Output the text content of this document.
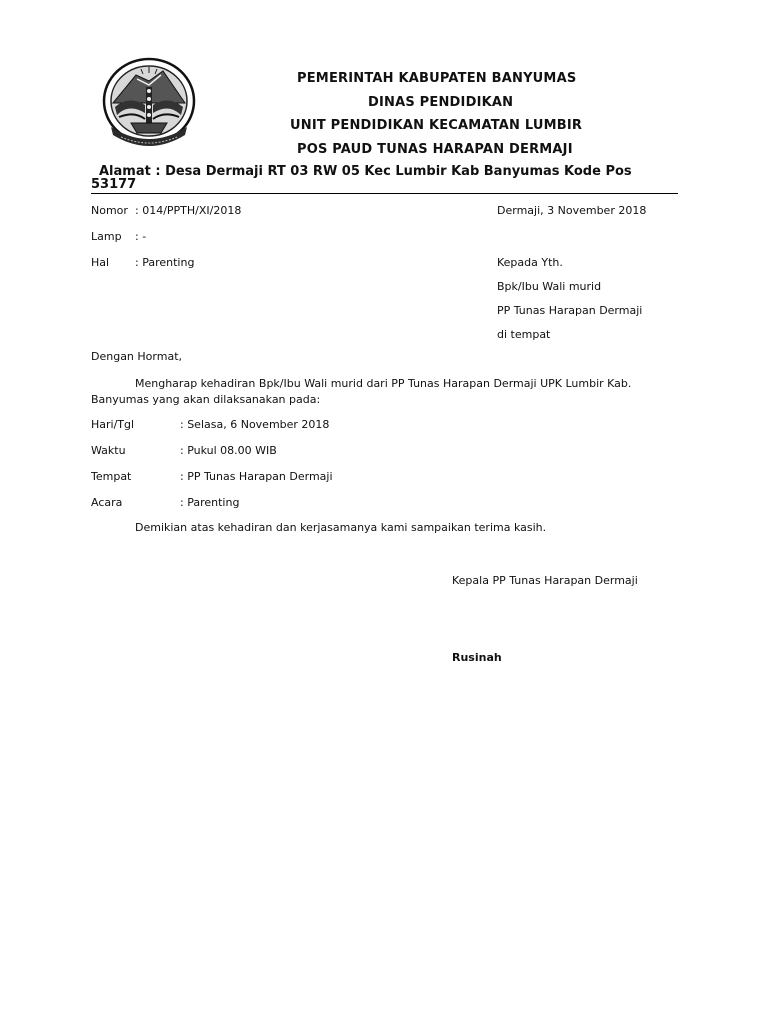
PEMERINTAH KABUPATEN BANYUMAS
DINAS PENDIDIKAN
UNIT PENDIDIKAN KECAMATAN LUMBIR
POS PAUD TUNAS HARAPAN DERMAJI
Alamat : Desa Dermaji RT 03 RW 05 Kec Lumbir Kab Banyumas Kode Pos
53177
Nomor : 014/PPTH/XI/2018	Dermaji, 3 November 2018
Lamp : -
Hal : Parenting	Kepada Yth.
Bpk/Ibu Wali murid
PP Tunas Harapan Dermaji
di tempat
Dengan Hormat,
Mengharap kehadiran Bpk/Ibu Wali murid dari PP Tunas Harapan Dermaji UPK Lumbir Kab.
Banyumas yang akan dilaksanakan pada:
Hari/Tgl	: Selasa, 6 November 2018
Waktu	: Pukul 08.00 WIB
Tempat	: PP Tunas Harapan Dermaji
Acara	: Parenting
Demikian atas kehadiran dan kerjasamanya kami sampaikan terima kasih.
Kepala PP Tunas Harapan Dermaji
Rusinah
